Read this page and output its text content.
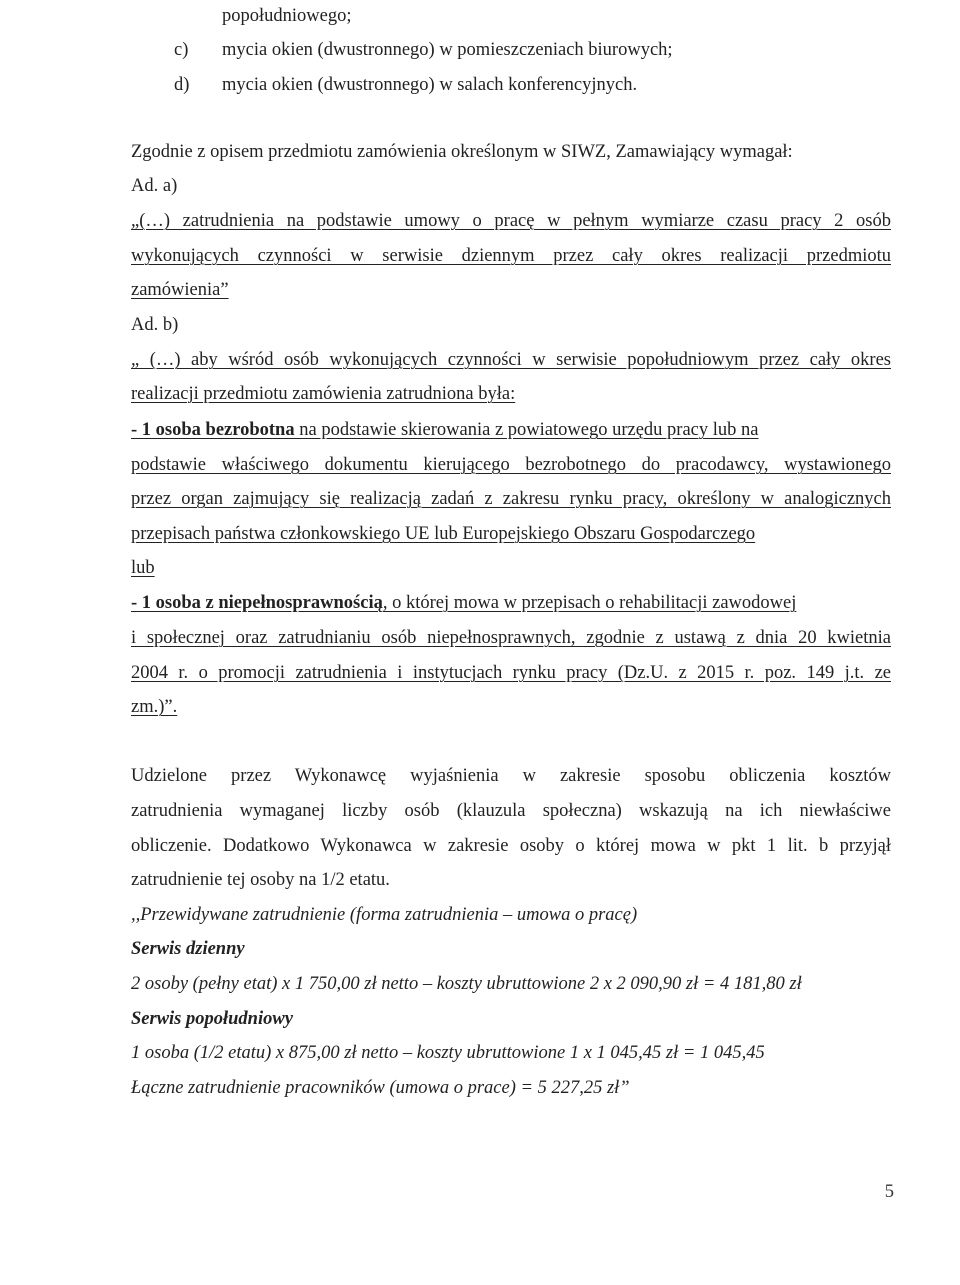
popołudniowego;
c) mycia okien (dwustronnego) w pomieszczeniach biurowych;
d) mycia okien (dwustronnego) w salach konferencyjnych.
Zgodnie z opisem przedmiotu zamówienia określonym w SIWZ, Zamawiający wymagał:
Ad. a)
„(…) zatrudnienia na podstawie umowy o pracę w pełnym wymiarze czasu pracy 2 osób
wykonujących czynności w serwisie dziennym przez cały okres realizacji przedmiotu
zamówienia”
Ad. b)
„ (…) aby wśród osób wykonujących czynności w serwisie popołudniowym przez cały okres
realizacji przedmiotu zamówienia zatrudniona była:
- 1 osoba bezrobotna na podstawie skierowania z powiatowego urzędu pracy lub na
podstawie właściwego dokumentu kierującego bezrobotnego do pracodawcy, wystawionego
przez organ zajmujący się realizacją zadań z zakresu rynku pracy, określony w analogicznych
przepisach państwa członkowskiego UE lub Europejskiego Obszaru Gospodarczego
lub
- 1 osoba z niepełnosprawnością, o której mowa w przepisach o rehabilitacji zawodowej
i społecznej oraz zatrudnianiu osób niepełnosprawnych, zgodnie z ustawą z dnia 20 kwietnia
2004 r. o promocji zatrudnienia i instytucjach rynku pracy (Dz.U. z 2015 r. poz. 149 j.t. ze
zm.)”.
Udzielone przez Wykonawcę wyjaśnienia w zakresie sposobu obliczenia kosztów
zatrudnienia wymaganej liczby osób (klauzula społeczna) wskazują na ich niewłaściwe
obliczenie. Dodatkowo Wykonawca w zakresie osoby o której mowa w pkt 1 lit. b przyjął
zatrudnienie tej osoby na 1/2 etatu.
,,Przewidywane zatrudnienie (forma zatrudnienia – umowa o pracę)
Serwis dzienny
2 osoby (pełny etat) x 1 750,00 zł netto – koszty ubruttowione 2 x 2 090,90 zł = 4 181,80 zł
Serwis popołudniowy
1 osoba (1/2 etatu) x 875,00 zł netto – koszty ubruttowione 1 x 1 045,45 zł = 1 045,45
Łączne zatrudnienie pracowników (umowa o prace) = 5 227,25 zł”
5
